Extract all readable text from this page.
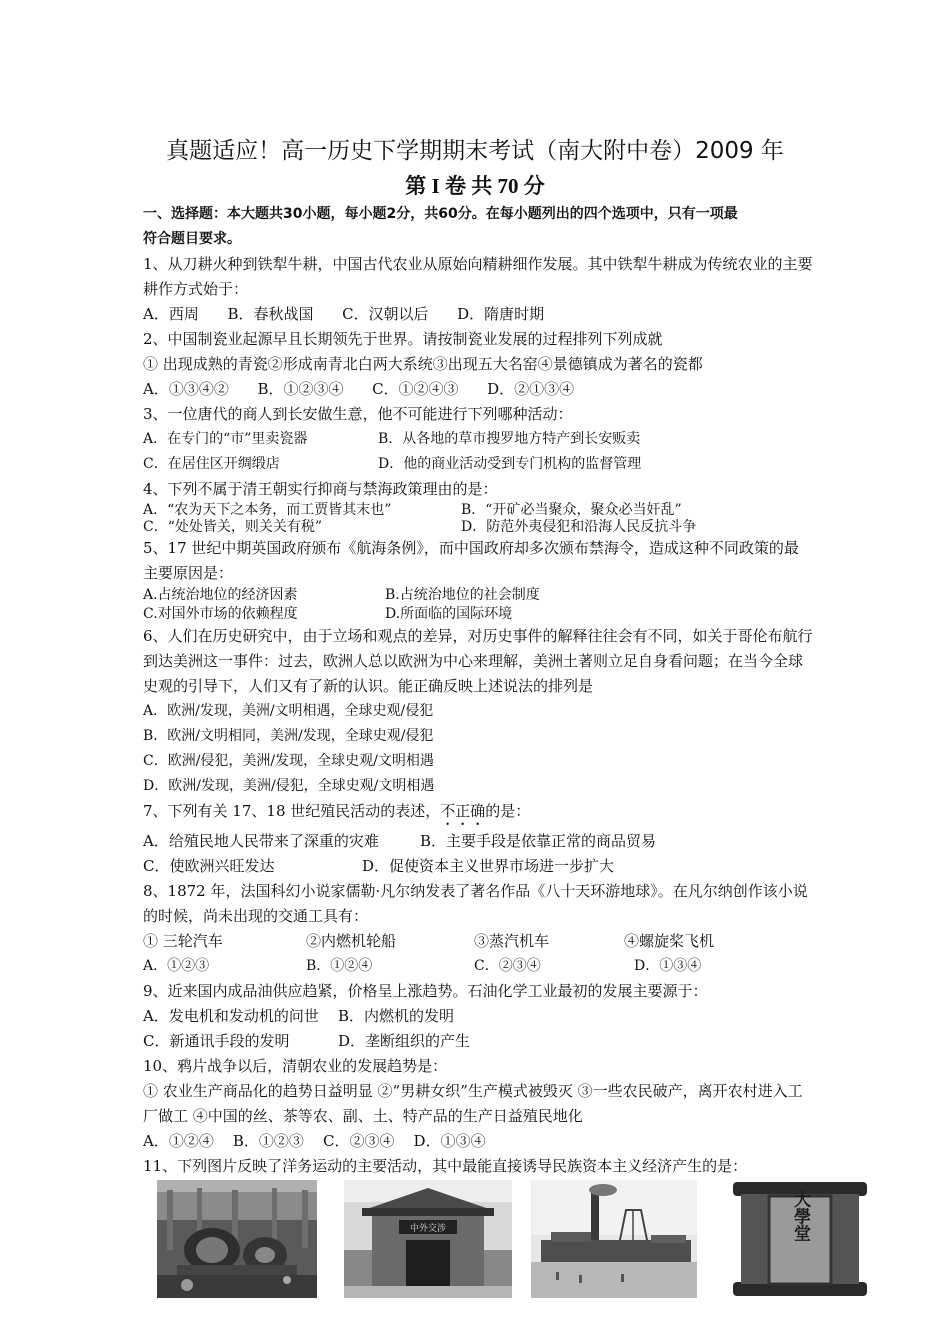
真题适应！高一历史下学期期末考试（南大附中卷）2009 年
第 I 卷 共 70 分

一、选择题：本大题共30小题，每小题2分，共60分。在每小题列出的四个选项中，只有一项最

符合题目要求。

1、从刀耕火种到铁犁牛耕，中国古代农业从原始向精耕细作发展。其中铁犁牛耕成为传统农业的主要耕作方式始于：

A．西周      B．春秋战国      C．汉朝以后      D．隋唐时期

2、中国制瓷业起源早且长期领先于世界。请按制瓷业发展的过程排列下列成就

① 出现成熟的青瓷②形成南青北白两大系统③出现五大名窑④景德镇成为著名的瓷都

A．①③④②      B．①②③④      C．①②④③      D．②①③④

3、一位唐代的商人到长安做生意，他不可能进行下列哪种活动：

A．在专门的“市”里卖瓷器	B．从各地的草市搜罗地方特产到长安贩卖
C．在居住区开绸缎店	D．他的商业活动受到专门机构的监督管理

4、下列不属于清王朝实行抑商与禁海政策理由的是：

A．“农为天下之本务，而工贾皆其末也”	B．“开矿必当聚众，聚众必当奸乱”
C．“处处皆关，则关关有税”	D．防范外夷侵犯和沿海人民反抗斗争

5、17 世纪中期英国政府颁布《航海条例》，而中国政府却多次颁布禁海令，造成这种不同政策的最主要原因是：

A.占统治地位的经济因素	B.占统治地位的社会制度
C.对国外市场的依赖程度	D.所面临的国际环境

6、人们在历史研究中，由于立场和观点的差异，对历史事件的解释往往会有不同，如关于哥伦布航行到达美洲这一事件：过去，欧洲人总以欧洲为中心来理解，美洲土著则立足自身看问题；在当今全球史观的引导下，人们又有了新的认识。能正确反映上述说法的排列是

A．欧洲/发现，美洲/文明相遇，全球史观/侵犯

B．欧洲/文明相同，美洲/发现，全球史观/侵犯

C．欧洲/侵犯，美洲/发现，全球史观/文明相遇

D．欧洲/发现，美洲/侵犯，全球史观/文明相遇

7、下列有关 17、18 世纪殖民活动的表述，不正确的是：

A．给殖民地人民带来了深重的灾难	B．主要手段是依靠正常的商品贸易
C．使欧洲兴旺发达	D．促使资本主义世界市场进一步扩大

8、1872 年，法国科幻小说家儒勒·凡尔纳发表了著名作品《八十天环游地球》。在凡尔纳创作该小说的时候，尚未出现的交通工具有：

① 三轮汽车	②内燃机轮船	③蒸汽机车	④螺旋桨飞机
A．①②③	B．①②④	C．②③④	D．①③④

9、近来国内成品油供应趋紧，价格呈上涨趋势。石油化学工业最初的发展主要源于：

A．发电机和发动机的问世	B．内燃机的发明
C．新通讯手段的发明	D．垄断组织的产生

10、鸦片战争以后，清朝农业的发展趋势是：

① 农业生产商品化的趋势日益明显 ②“男耕女织”生产模式被毁灭 ③一些农民破产，离开农村进入工厂做工 ④中国的丝、茶等农、副、土、特产品的生产日益殖民地化

A．①②④    B．①②③    C．②③④    D．①③④

11、下列图片反映了洋务运动的主要活动，其中最能直接诱导民族资本主义经济产生的是：

中外交涉	大學堂
